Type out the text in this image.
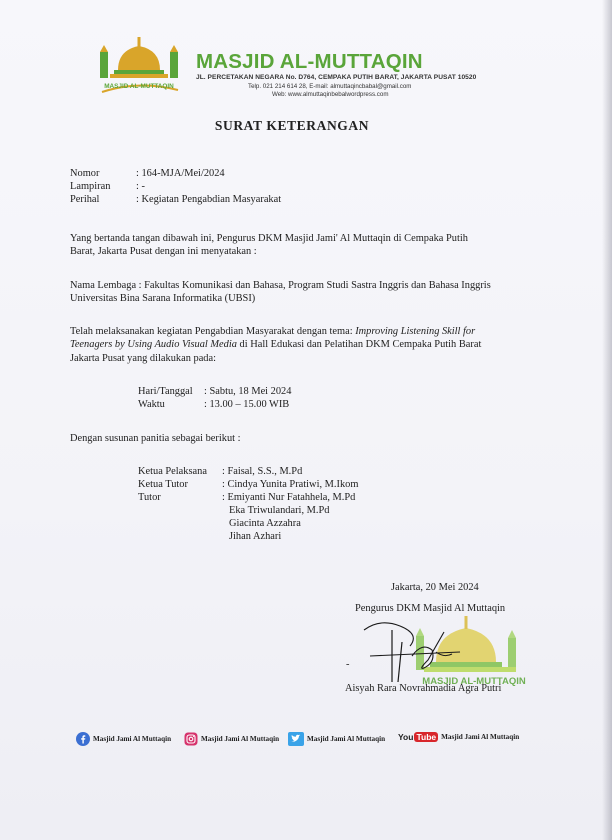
MASJID AL-MUTTAQIN
MASJID AL-MUTTAQIN
JL. PERCETAKAN NEGARA No. D764, CEMPAKA PUTIH BARAT, JAKARTA PUSAT 10520
Telp. 021 214 614 28, E-mail: almuttaqincbabal@gmail.com
Web: www.almuttaqinbebalwordpress.com
SURAT KETERANGAN
Nomor	: 164-MJA/Mei/2024
Lampiran : -
Perihal	: Kegiatan Pengabdian Masyarakat
Yang bertanda tangan dibawah ini, Pengurus DKM Masjid Jami' Al Muttaqin di Cempaka Putih
Barat, Jakarta Pusat dengan ini menyatakan :
Nama Lembaga : Fakultas Komunikasi dan Bahasa, Program Studi Sastra Inggris dan Bahasa Inggris
Universitas Bina Sarana Informatika (UBSI)
Telah melaksanakan kegiatan Pengabdian Masyarakat dengan tema: Improving Listening Skill for
Teenagers by Using Audio Visual Media di Hall Edukasi dan Pelatihan DKM Cempaka Putih Barat
Jakarta Pusat yang dilakukan pada:
Hari/Tanggal : Sabtu, 18 Mei 2024
Waktu	: 13.00 – 15.00 WIB
Dengan susunan panitia sebagai berikut :
Ketua Pelaksana : Faisal, S.S., M.Pd
Ketua Tutor	: Cindya Yunita Pratiwi, M.Ikom
Tutor	: Emiyanti Nur Fatahhela, M.Pd
Eka Triwulandari, M.Pd
Giacinta Azzahra
Jihan Azhari
Jakarta, 20 Mei 2024
Pengurus DKM Masjid Al Muttaqin
MASJID AL-MUTTAQIN
-
Aisyah Rara Novrahmadia Agra Putri
Masjid Jami Al Muttaqin	Masjid Jami Al Muttaqin	Masjid Jami Al Muttaqin You Tube Masjid Jami Al Muttaqin
